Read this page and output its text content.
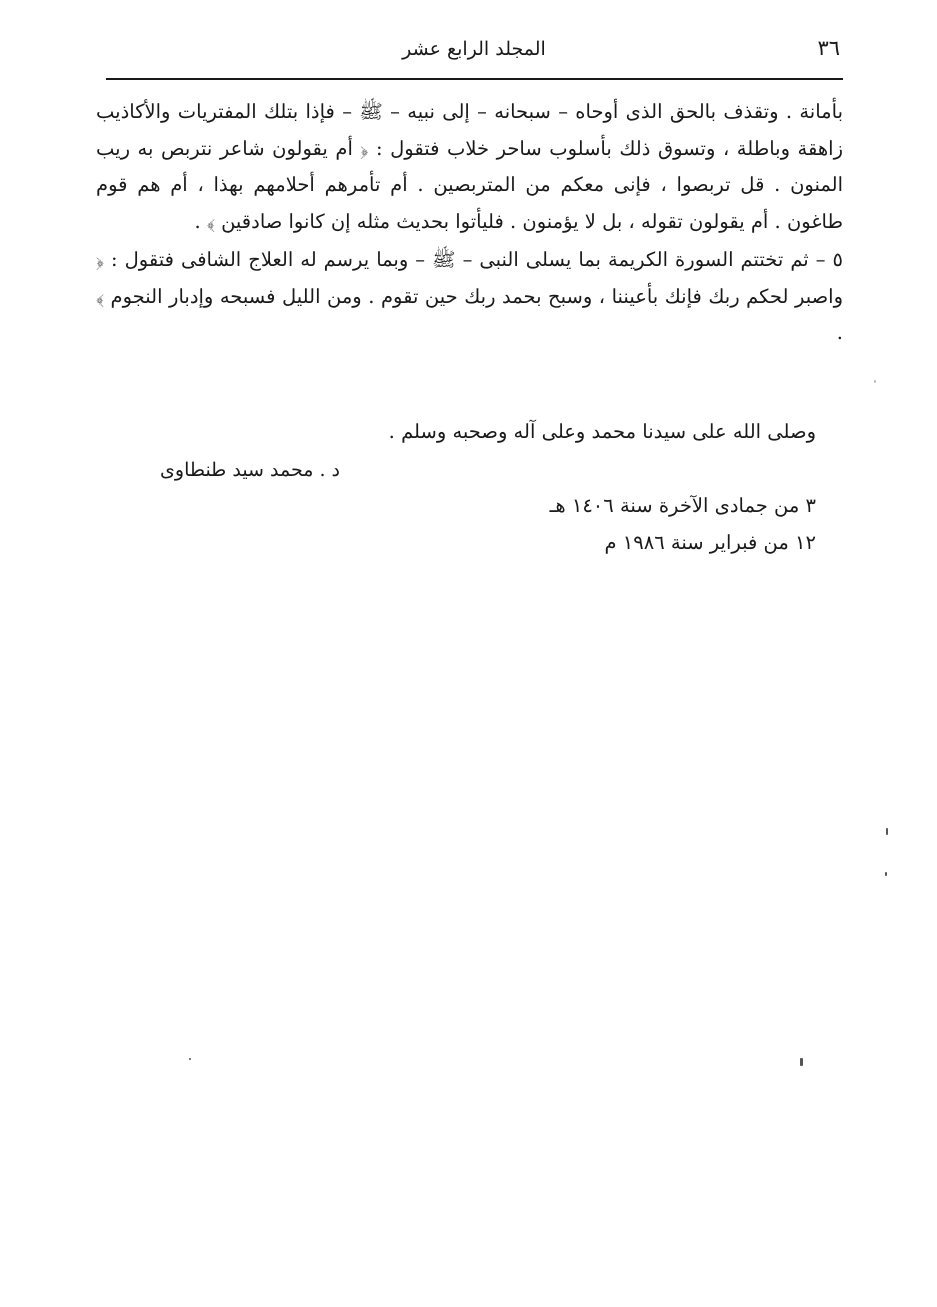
٣٦
المجلد الرابع عشر

بأمانة . وتقذف بالحق الذى أوحاه – سبحانه – إلى نبيه – ﷺ – فإذا بتلك المفتريات والأكاذيب زاهقة وباطلة ، وتسوق ذلك بأسلوب ساحر خلاب فتقول : ﴿ أم يقولون شاعر نتربص به ريب المنون . قل تربصوا ، فإنى معكم من المتربصين . أم تأمرهم أحلامهم بهذا ، أم هم قوم طاغون . أم يقولون تقوله ، بل لا يؤمنون . فليأتوا بحديث مثله إن كانوا صادقين ﴾ .

٥ – ثم تختتم السورة الكريمة بما يسلى النبى – ﷺ – وبما يرسم له العلاج الشافى فتقول : ﴿ واصبر لحكم ربك فإنك بأعيننا ، وسبح بحمد ربك حين تقوم . ومن الليل فسبحه وإدبار النجوم ﴾ .

وصلى الله على سيدنا محمد وعلى آله وصحبه وسلم .
د . محمد سيد طنطاوى
٣ من جمادى الآخرة سنة ١٤٠٦ هـ
١٢ من فبراير سنة ١٩٨٦ م
